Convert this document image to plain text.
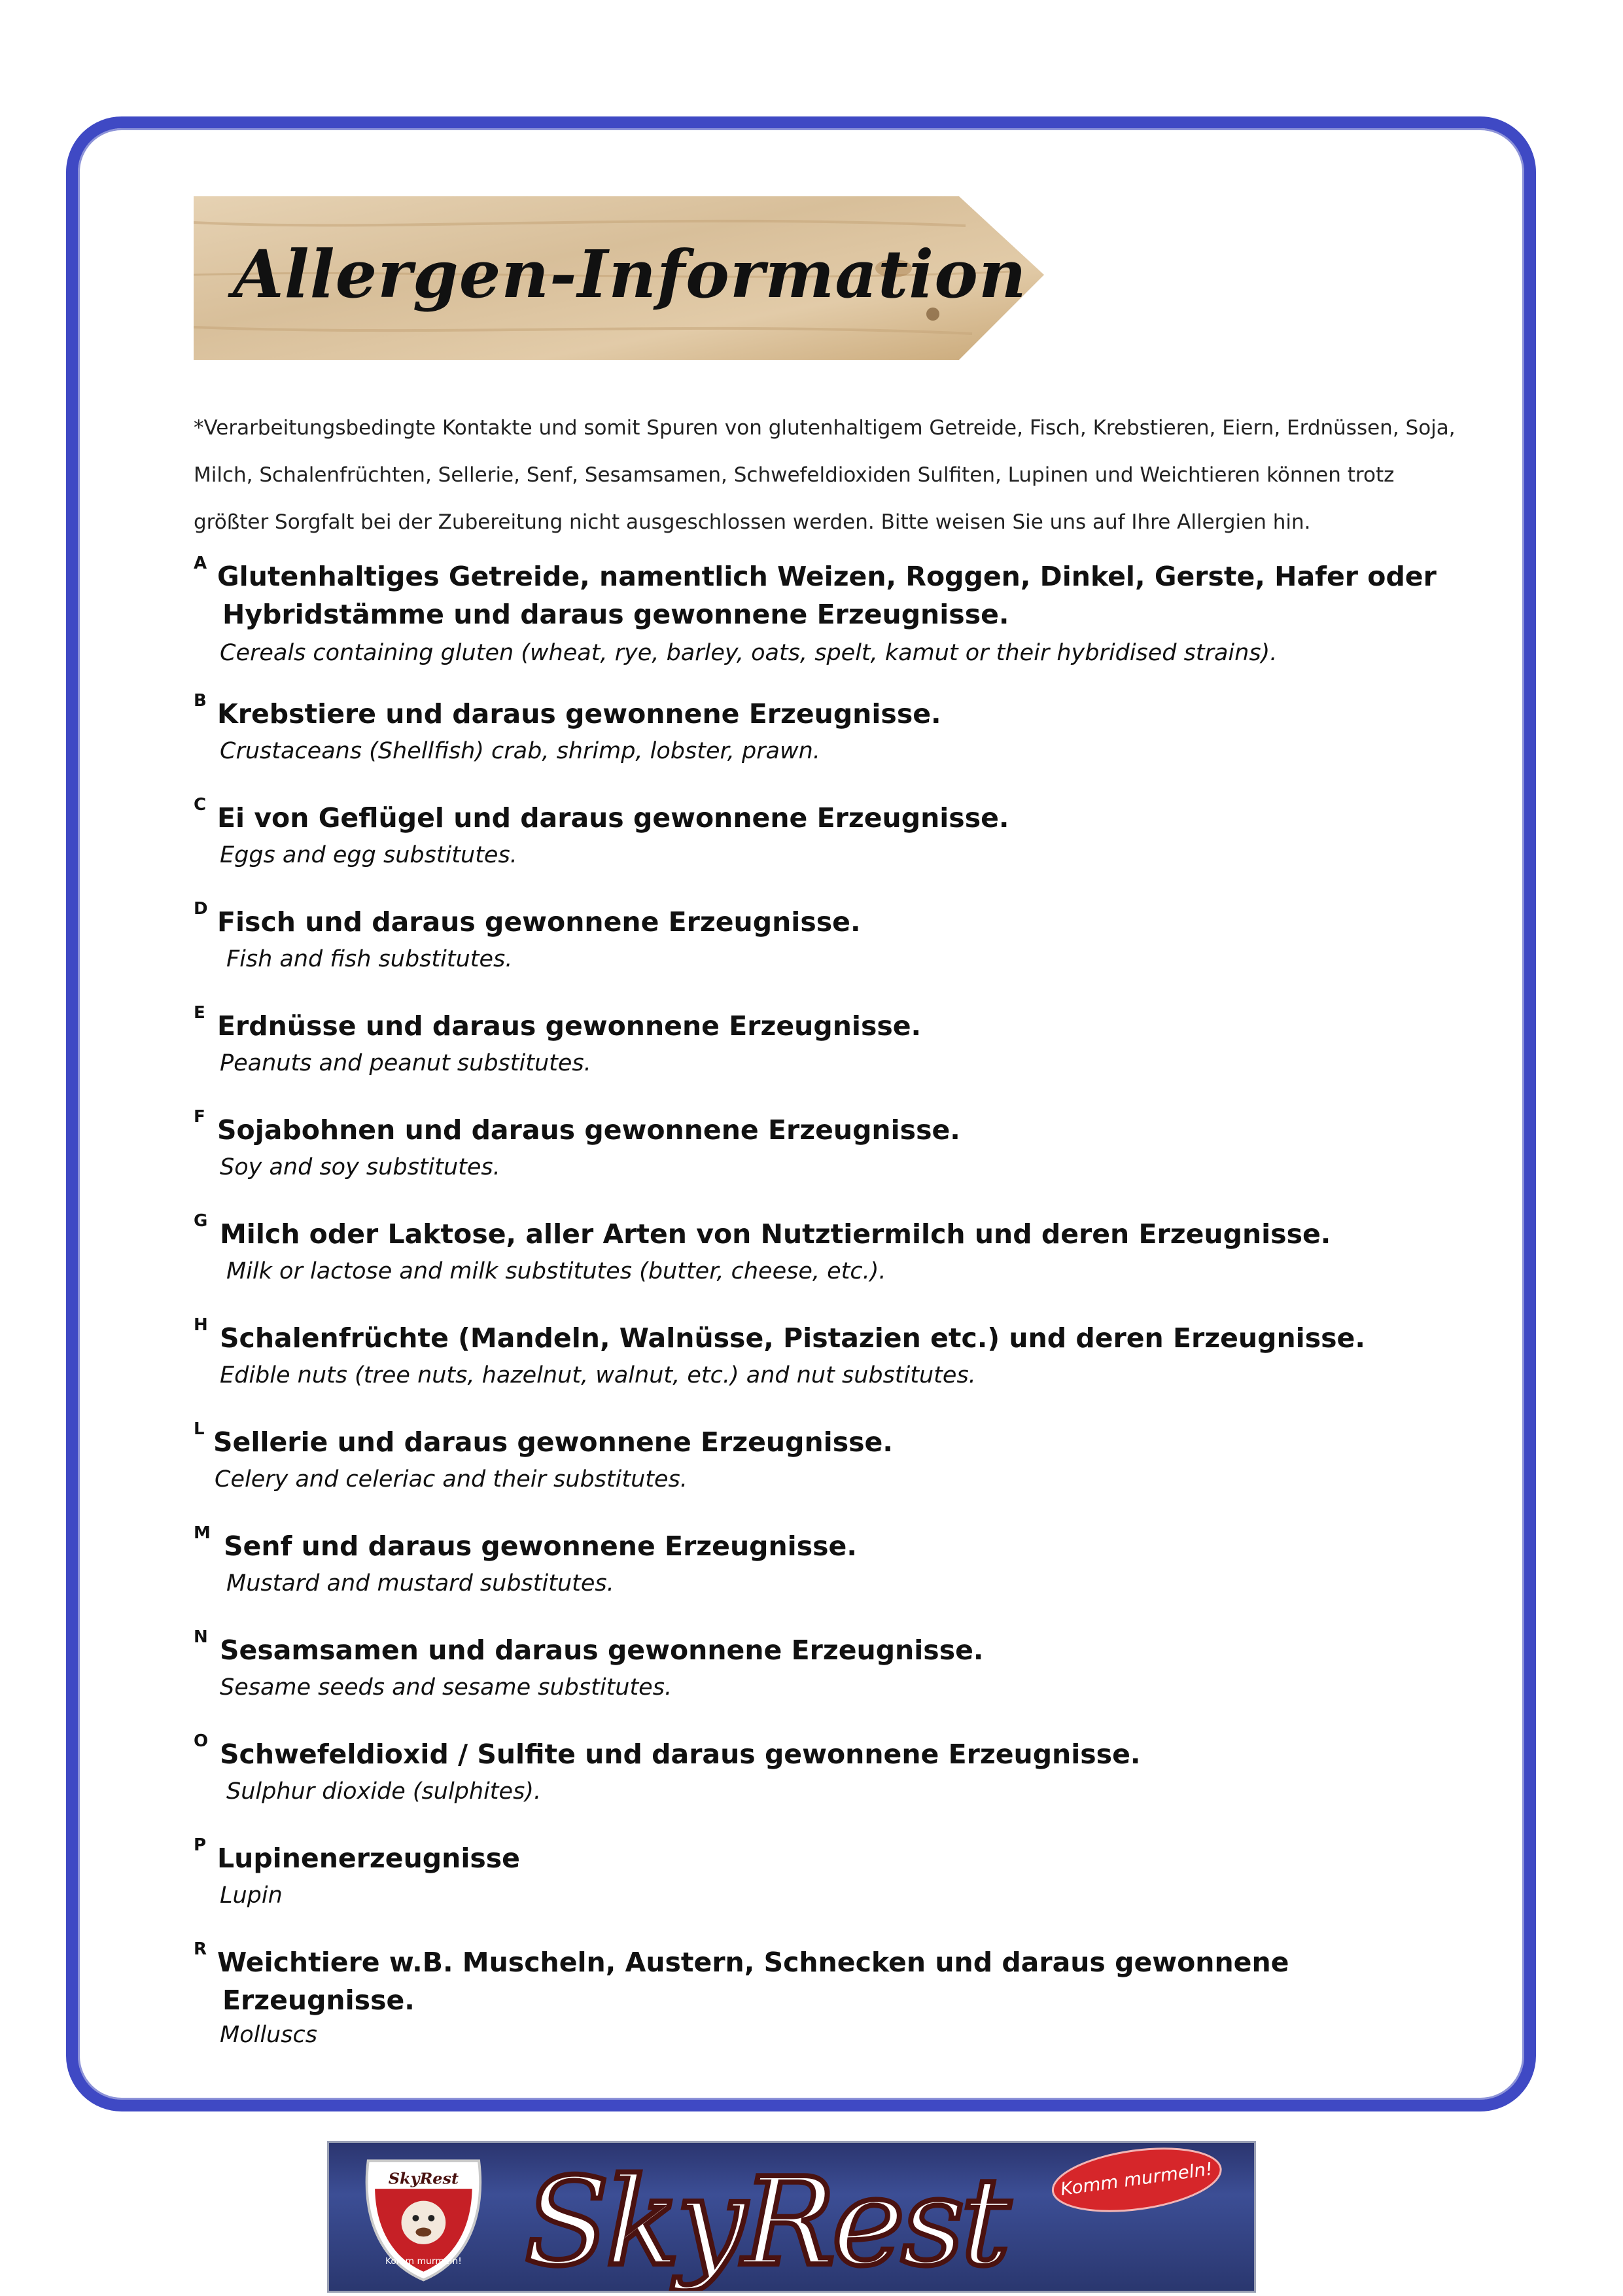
Allergen-Information
*Verarbeitungsbedingte Kontakte und somit Spuren von glutenhaltigem Getreide, Fisch, Krebstieren, Eiern, Erdnüssen, Soja,
Milch, Schalenfrüchten, Sellerie, Senf, Sesamsamen, Schwefeldioxiden Sulfiten, Lupinen und Weichtieren können trotz
größter Sorgfalt bei der Zubereitung nicht ausgeschlossen werden. Bitte weisen Sie uns auf Ihre Allergien hin.
A Glutenhaltiges Getreide, namentlich Weizen, Roggen, Dinkel, Gerste, Hafer oder
Hybridstämme und daraus gewonnene Erzeugnisse.
Cereals containing gluten (wheat, rye, barley, oats, spelt, kamut or their hybridised strains).
B Krebstiere und daraus gewonnene Erzeugnisse.
Crustaceans (Shellfish) crab, shrimp, lobster, prawn.
C Ei von Geflügel und daraus gewonnene Erzeugnisse.
Eggs and egg substitutes.
D Fisch und daraus gewonnene Erzeugnisse.
Fish and fish substitutes.
E Erdnüsse und daraus gewonnene Erzeugnisse.
Peanuts and peanut substitutes.
F Sojabohnen und daraus gewonnene Erzeugnisse.
Soy and soy substitutes.
G Milch oder Laktose, aller Arten von Nutztiermilch und deren Erzeugnisse.
Milk or lactose and milk substitutes (butter, cheese, etc.).
H Schalenfrüchte (Mandeln, Walnüsse, Pistazien etc.) und deren Erzeugnisse.
Edible nuts (tree nuts, hazelnut, walnut, etc.) and nut substitutes.
L Sellerie und daraus gewonnene Erzeugnisse.
Celery and celeriac and their substitutes.
M Senf und daraus gewonnene Erzeugnisse.
Mustard and mustard substitutes.
N Sesamsamen und daraus gewonnene Erzeugnisse.
Sesame seeds and sesame substitutes.
O Schwefeldioxid / Sulfite und daraus gewonnene Erzeugnisse.
Sulphur dioxide (sulphites).
P Lupinenerzeugnisse
Lupin
R Weichtiere w.B. Muscheln, Austern, Schnecken und daraus gewonnene
Erzeugnisse.
Molluscs
SkyRest
Komm murmeln! SkyRest	Komm murmeln!
